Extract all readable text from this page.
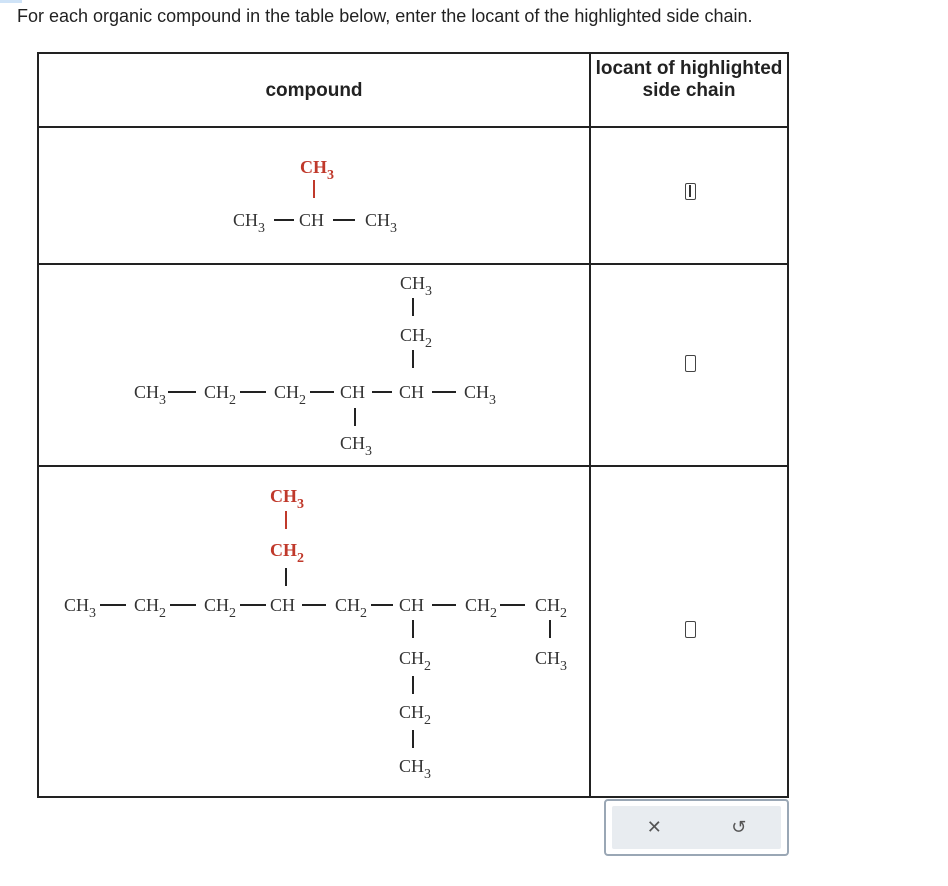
For each organic compound in the table below, enter the locant of the highlighted side chain.
compound
locant of highlighted side chain
$CH_3$
$CH_3$ CH $CH_3$
$CH_3$
$CH_2$
$CH_3$ $CH_2$ $CH_2$ CH CH $CH_3$
$CH_3$
$CH_3$
$CH_2$
$CH_3$ $CH_2$ $CH_2$ CH $CH_2$ CH $CH_2$ $CH_2$
$CH_2$	$CH_3$
$CH_2$
$CH_3$
✕	↺
